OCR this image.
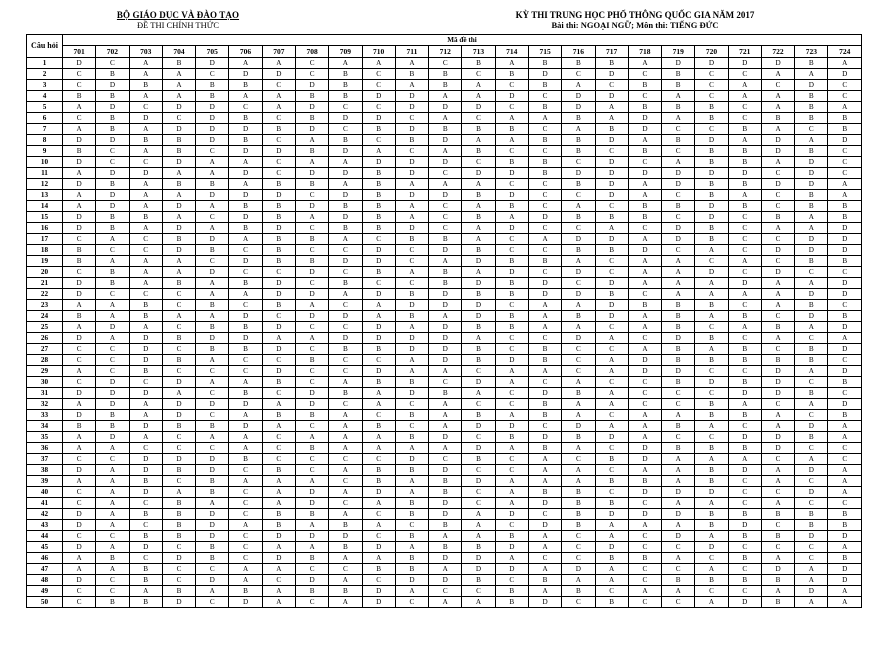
BỘ GIÁO DỤC VÀ ĐÀO TẠO
ĐỀ THI CHÍNH THỨC
KỲ THI TRUNG HỌC PHỔ THÔNG QUỐC GIA NĂM 2017
Bài thi: NGOẠI NGỮ; Môn thi: TIẾNG ĐỨC
Câu hỏi	Mã đề thi																							
	701	702	703	704	705	706	707	708	709	710	711	712	713	714	715	716	717	718	719	720	721	722	723	724
1	D	C	A	B	D	A	A	C	A	A	A	C	B	A	B	B	B	A	D	D	D	D	B	A
2	C	B	A	A	C	D	D	C	B	C	B	B	C	B	D	C	D	C	B	C	C	A	A	D
3	C	D	B	A	B	B	C	D	B	C	A	B	A	C	B	A	C	B	B	C	A	C	D	C
4	B	B	A	A	B	A	A	B	B	D	D	A	A	D	C	D	D	C	A	C	A	A	B	C
5	A	D	C	D	D	C	A	D	C	C	D	D	D	C	B	D	A	B	B	B	C	A	B	A
6	C	B	D	C	D	B	C	B	D	D	C	A	C	A	A	B	A	D	A	B	C	B	B	B
7	A	B	A	D	D	D	B	D	C	B	D	B	B	B	C	A	B	D	C	C	B	A	C	B
8	D	D	B	B	D	B	C	A	B	C	B	D	A	A	B	B	D	A	B	D	A	D	A	D
9	B	C	A	B	C	D	D	B	D	A	C	A	B	C	C	B	C	B	C	B	B	D	B	C
10	D	C	C	D	A	A	C	A	A	D	D	D	C	B	B	C	D	C	A	B	B	A	D	C
11	A	D	D	A	A	D	C	D	D	B	D	C	D	D	B	D	D	D	D	D	D	C	D	C
12	D	B	A	B	B	A	B	B	A	B	A	A	A	C	C	B	D	A	D	B	B	D	D	A
13	A	D	A	A	D	D	D	C	D	B	D	D	B	D	C	C	D	A	C	B	A	C	B	A
14	A	D	A	D	A	B	B	D	B	B	A	C	A	B	C	A	C	B	B	D	B	C	B	B
15	D	B	B	A	C	D	B	A	D	B	A	C	B	A	D	B	B	B	C	D	C	B	A	B
16	D	B	A	D	A	B	D	C	B	B	D	C	A	D	C	C	A	C	D	B	C	A	A	D
17	C	A	C	B	D	A	B	B	A	C	B	B	A	C	A	D	D	A	D	B	C	C	D	D
18	B	C	C	D	B	C	B	C	C	D	C	D	B	C	C	B	B	D	C	A	C	D	D	D
19	B	A	A	A	C	D	B	B	D	D	C	A	D	B	B	A	C	A	A	C	A	C	B	B
20	C	B	A	A	D	C	C	D	C	B	A	B	A	D	C	D	C	A	A	D	C	D	C	C
21	D	B	A	B	A	B	D	C	B	C	C	B	D	B	D	C	D	A	A	A	D	A	A	D
22	D	C	C	C	A	A	D	D	A	D	B	D	B	B	D	D	B	C	A	A	A	A	D	D
23	A	A	B	C	B	C	B	A	C	A	D	D	D	C	A	A	D	B	B	B	C	A	B	C
24	B	A	B	A	A	D	C	D	D	A	B	A	D	B	A	B	D	A	B	A	B	C	D	B
25	A	D	A	C	B	B	D	C	C	D	A	D	B	B	A	A	C	A	B	C	A	B	A	D
26	D	A	D	B	D	D	A	A	D	D	D	D	A	C	C	D	A	C	D	B	C	A	C	A
27	C	C	D	C	B	B	D	C	B	B	D	D	B	C	B	C	C	A	B	A	B	C	B	D
28	C	C	D	B	A	C	C	B	C	C	A	D	B	D	B	C	A	D	B	B	B	B	B	C
29	A	C	B	C	C	C	D	C	C	D	A	A	C	A	A	C	A	D	D	C	C	D	A	D
30	C	D	C	D	A	A	B	C	A	B	B	C	D	A	C	A	C	C	B	D	B	D	C	B
31	D	D	D	A	C	B	C	D	B	A	D	B	A	C	D	B	A	C	C	C	D	D	B	C
32	A	D	A	D	D	D	A	D	C	A	C	A	C	C	B	A	A	C	C	B	A	C	A	D
33	D	B	A	D	C	A	B	B	A	C	B	A	B	A	B	A	C	A	A	B	B	A	C	B
34	B	B	D	B	B	D	A	C	A	B	C	A	D	D	C	D	A	A	B	A	C	A	D	A
35	A	D	A	C	A	A	C	A	A	A	B	D	C	B	D	B	D	A	C	C	D	D	B	A
36	A	A	C	C	C	A	C	B	A	A	A	A	D	A	B	A	C	D	B	B	B	D	C	C
37	C	C	D	D	D	B	C	C	C	C	D	C	B	C	A	C	B	D	A	A	A	C	A	C
38	D	A	D	B	D	C	B	C	A	B	B	D	C	C	A	A	C	A	A	B	D	A	D	A
39	A	A	B	C	B	A	A	A	C	B	A	B	D	A	A	A	B	B	A	B	C	A	C	A
40	C	A	D	A	B	C	A	D	A	D	A	B	C	A	B	B	C	D	D	D	C	C	D	A
41	C	A	C	B	A	C	A	D	C	A	B	D	C	A	D	B	B	C	A	A	C	A	C	C
42	D	A	B	B	D	C	B	B	A	C	B	D	A	D	C	B	D	D	D	B	B	B	B	B
43	D	A	C	B	D	A	B	A	B	A	C	B	A	C	D	B	A	A	A	B	D	C	B	B
44	C	C	B	B	D	C	D	D	D	C	B	A	A	B	A	C	A	C	D	A	B	B	D	D
45	D	A	D	C	B	C	A	A	B	D	A	B	B	D	A	C	D	C	C	D	C	C	C	A
46	A	B	C	D	B	C	D	B	A	A	B	D	D	A	C	C	B	B	A	C	B	A	C	B
47	A	A	B	C	C	A	A	C	C	B	B	A	D	D	A	D	A	C	C	A	C	D	A	D
48	D	C	B	C	D	A	C	D	A	C	D	D	B	C	B	A	A	C	B	B	B	B	A	D
49	C	C	A	B	A	B	A	B	B	D	A	C	C	B	A	B	C	A	A	C	C	A	D	A
50	C	B	B	D	C	D	A	C	A	D	C	A	A	B	D	C	B	C	C	A	D	B	A	A
